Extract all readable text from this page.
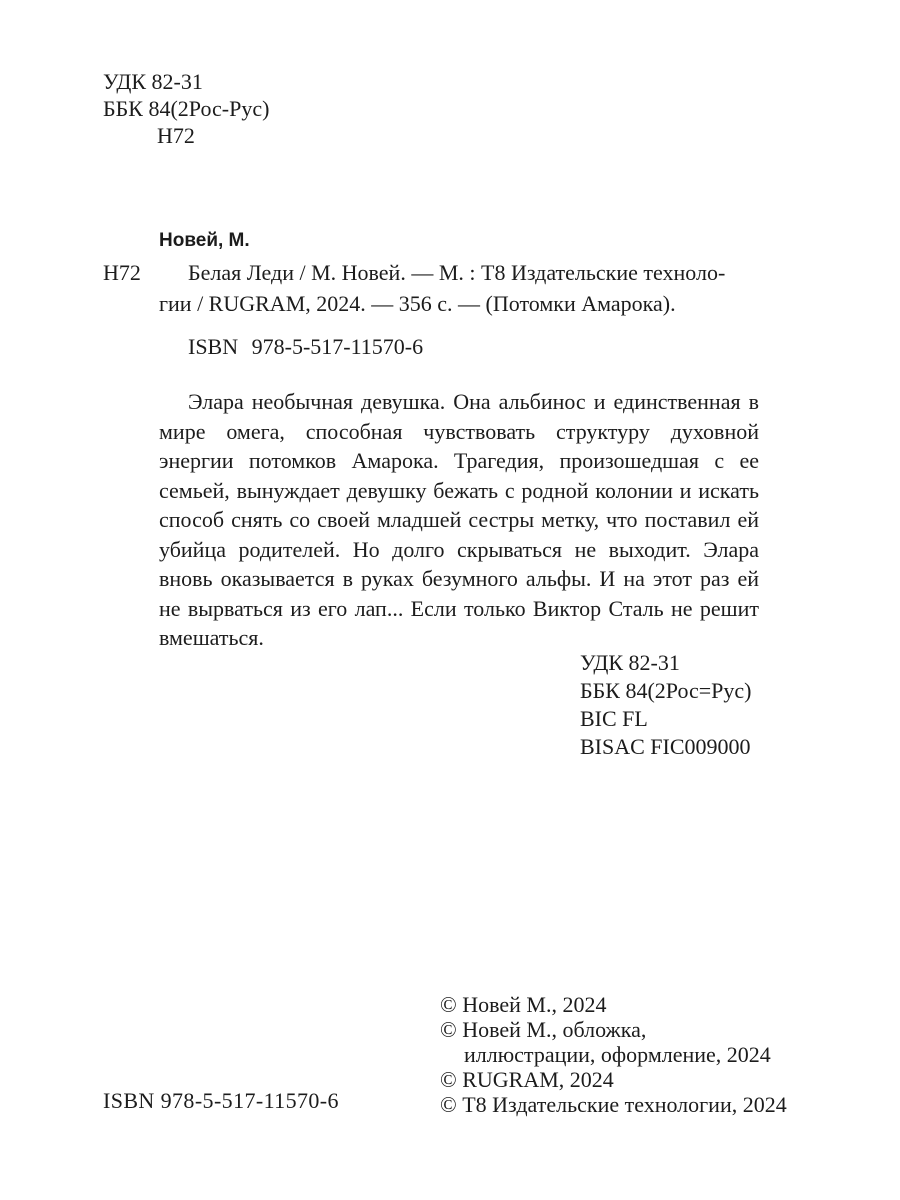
УДК 82-31
ББК 84(2Рос-Рус)
Н72
Новей, М.
Н72 Белая Леди / М. Новей. — М. : Т8 Издательские техноло-
гии / RUGRAM, 2024. — 356 с. — (Потомки Амарока).
ISBN 978-5-517-11570-6

Элара необычная девушка. Она альбинос и единственная в мире омега, способная чувствовать структуру духовной энергии потомков Амарока. Трагедия, произошедшая с ее семьей, вынуждает девушку бежать с родной колонии и искать способ снять со своей младшей сестры метку, что поставил ей убийца родителей. Но долго скрываться не выходит. Элара вновь оказывается в руках безумного альфы. И на этот раз ей не вырваться из его лап... Если только Виктор Сталь не решит вмешаться.

УДК 82-31
ББК 84(2Рос=Рус)
BIC FL
BISAC FIC009000
ISBN 978-5-517-11570-6
© Новей М., 2024
© Новей М., обложка,
иллюстрации, оформление, 2024
© RUGRAM, 2024
© Т8 Издательские технологии, 2024
